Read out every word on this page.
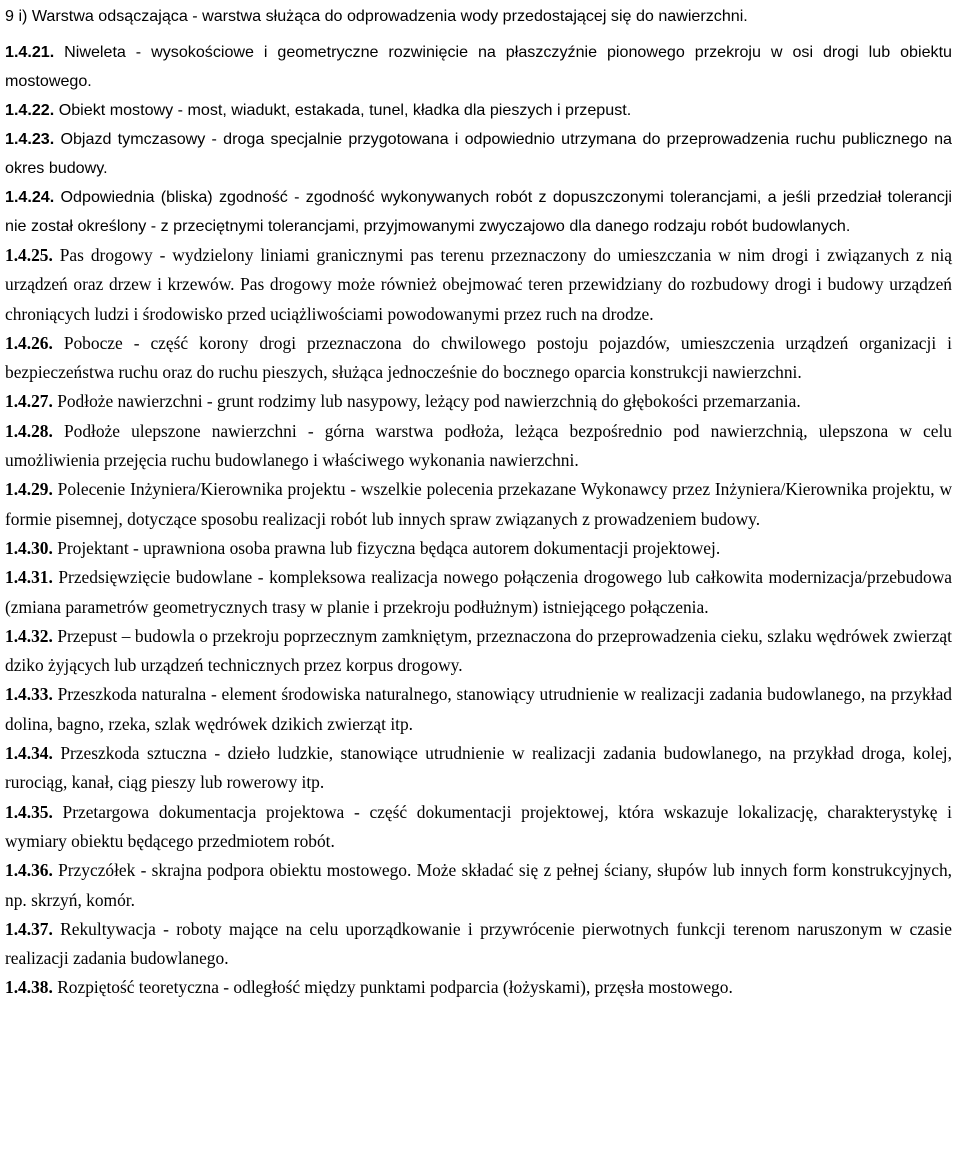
9 i) Warstwa odsączająca - warstwa służąca do odprowadzenia wody przedostającej się do nawierzchni.

1.4.21. Niweleta - wysokościowe i geometryczne rozwinięcie na płaszczyźnie pionowego przekroju w osi drogi lub obiektu mostowego.

1.4.22. Obiekt mostowy - most, wiadukt, estakada, tunel, kładka dla pieszych i przepust.

1.4.23. Objazd tymczasowy - droga specjalnie przygotowana i odpowiednio utrzymana do przeprowadzenia ruchu publicznego na okres budowy.

1.4.24. Odpowiednia (bliska) zgodność - zgodność wykonywanych robót z dopuszczonymi tolerancjami, a jeśli przedział tolerancji nie został określony - z przeciętnymi tolerancjami, przyjmowanymi zwyczajowo dla danego rodzaju robót budowlanych.

1.4.25. Pas drogowy - wydzielony liniami granicznymi pas terenu przeznaczony do umieszczania w nim drogi i związanych z nią urządzeń oraz drzew i krzewów. Pas drogowy może również obejmować teren przewidziany do rozbudowy drogi i budowy urządzeń chroniących ludzi i środowisko przed uciążliwościami powodowanymi przez ruch na drodze.

1.4.26. Pobocze - część korony drogi przeznaczona do chwilowego postoju pojazdów, umieszczenia urządzeń organizacji i bezpieczeństwa ruchu oraz do ruchu pieszych, służąca jednocześnie do bocznego oparcia konstrukcji nawierzchni.

1.4.27. Podłoże nawierzchni - grunt rodzimy lub nasypowy, leżący pod nawierzchnią do głębokości przemarzania.

1.4.28. Podłoże ulepszone nawierzchni - górna warstwa podłoża, leżąca bezpośrednio pod nawierzchnią, ulepszona w celu umożliwienia przejęcia ruchu budowlanego i właściwego wykonania nawierzchni.

1.4.29. Polecenie Inżyniera/Kierownika projektu - wszelkie polecenia przekazane Wykonawcy przez Inżyniera/Kierownika projektu, w formie pisemnej, dotyczące sposobu realizacji robót lub innych spraw związanych z prowadzeniem budowy.

1.4.30. Projektant - uprawniona osoba prawna lub fizyczna będąca autorem dokumentacji projektowej.

1.4.31. Przedsięwzięcie budowlane - kompleksowa realizacja nowego połączenia drogowego lub całkowita modernizacja/przebudowa (zmiana parametrów geometrycznych trasy w planie i przekroju podłużnym) istniejącego połączenia.

1.4.32. Przepust – budowla o przekroju poprzecznym zamkniętym, przeznaczona do przeprowadzenia cieku, szlaku wędrówek zwierząt dziko żyjących lub urządzeń technicznych przez korpus drogowy.

1.4.33. Przeszkoda naturalna - element środowiska naturalnego, stanowiący utrudnienie w realizacji zadania budowlanego, na przykład dolina, bagno, rzeka, szlak wędrówek dzikich zwierząt itp.

1.4.34. Przeszkoda sztuczna - dzieło ludzkie, stanowiące utrudnienie w realizacji zadania budowlanego, na przykład droga, kolej, rurociąg, kanał, ciąg pieszy lub rowerowy itp.

1.4.35. Przetargowa dokumentacja projektowa - część dokumentacji projektowej, która wskazuje lokalizację, charakterystykę i wymiary obiektu będącego przedmiotem robót.

1.4.36. Przyczółek - skrajna podpora obiektu mostowego. Może składać się z pełnej ściany, słupów lub innych form konstrukcyjnych, np. skrzyń, komór.

1.4.37. Rekultywacja - roboty mające na celu uporządkowanie i przywrócenie pierwotnych funkcji terenom naruszonym w czasie realizacji zadania budowlanego.

1.4.38. Rozpiętość teoretyczna - odległość między punktami podparcia (łożyskami), przęsła mostowego.
